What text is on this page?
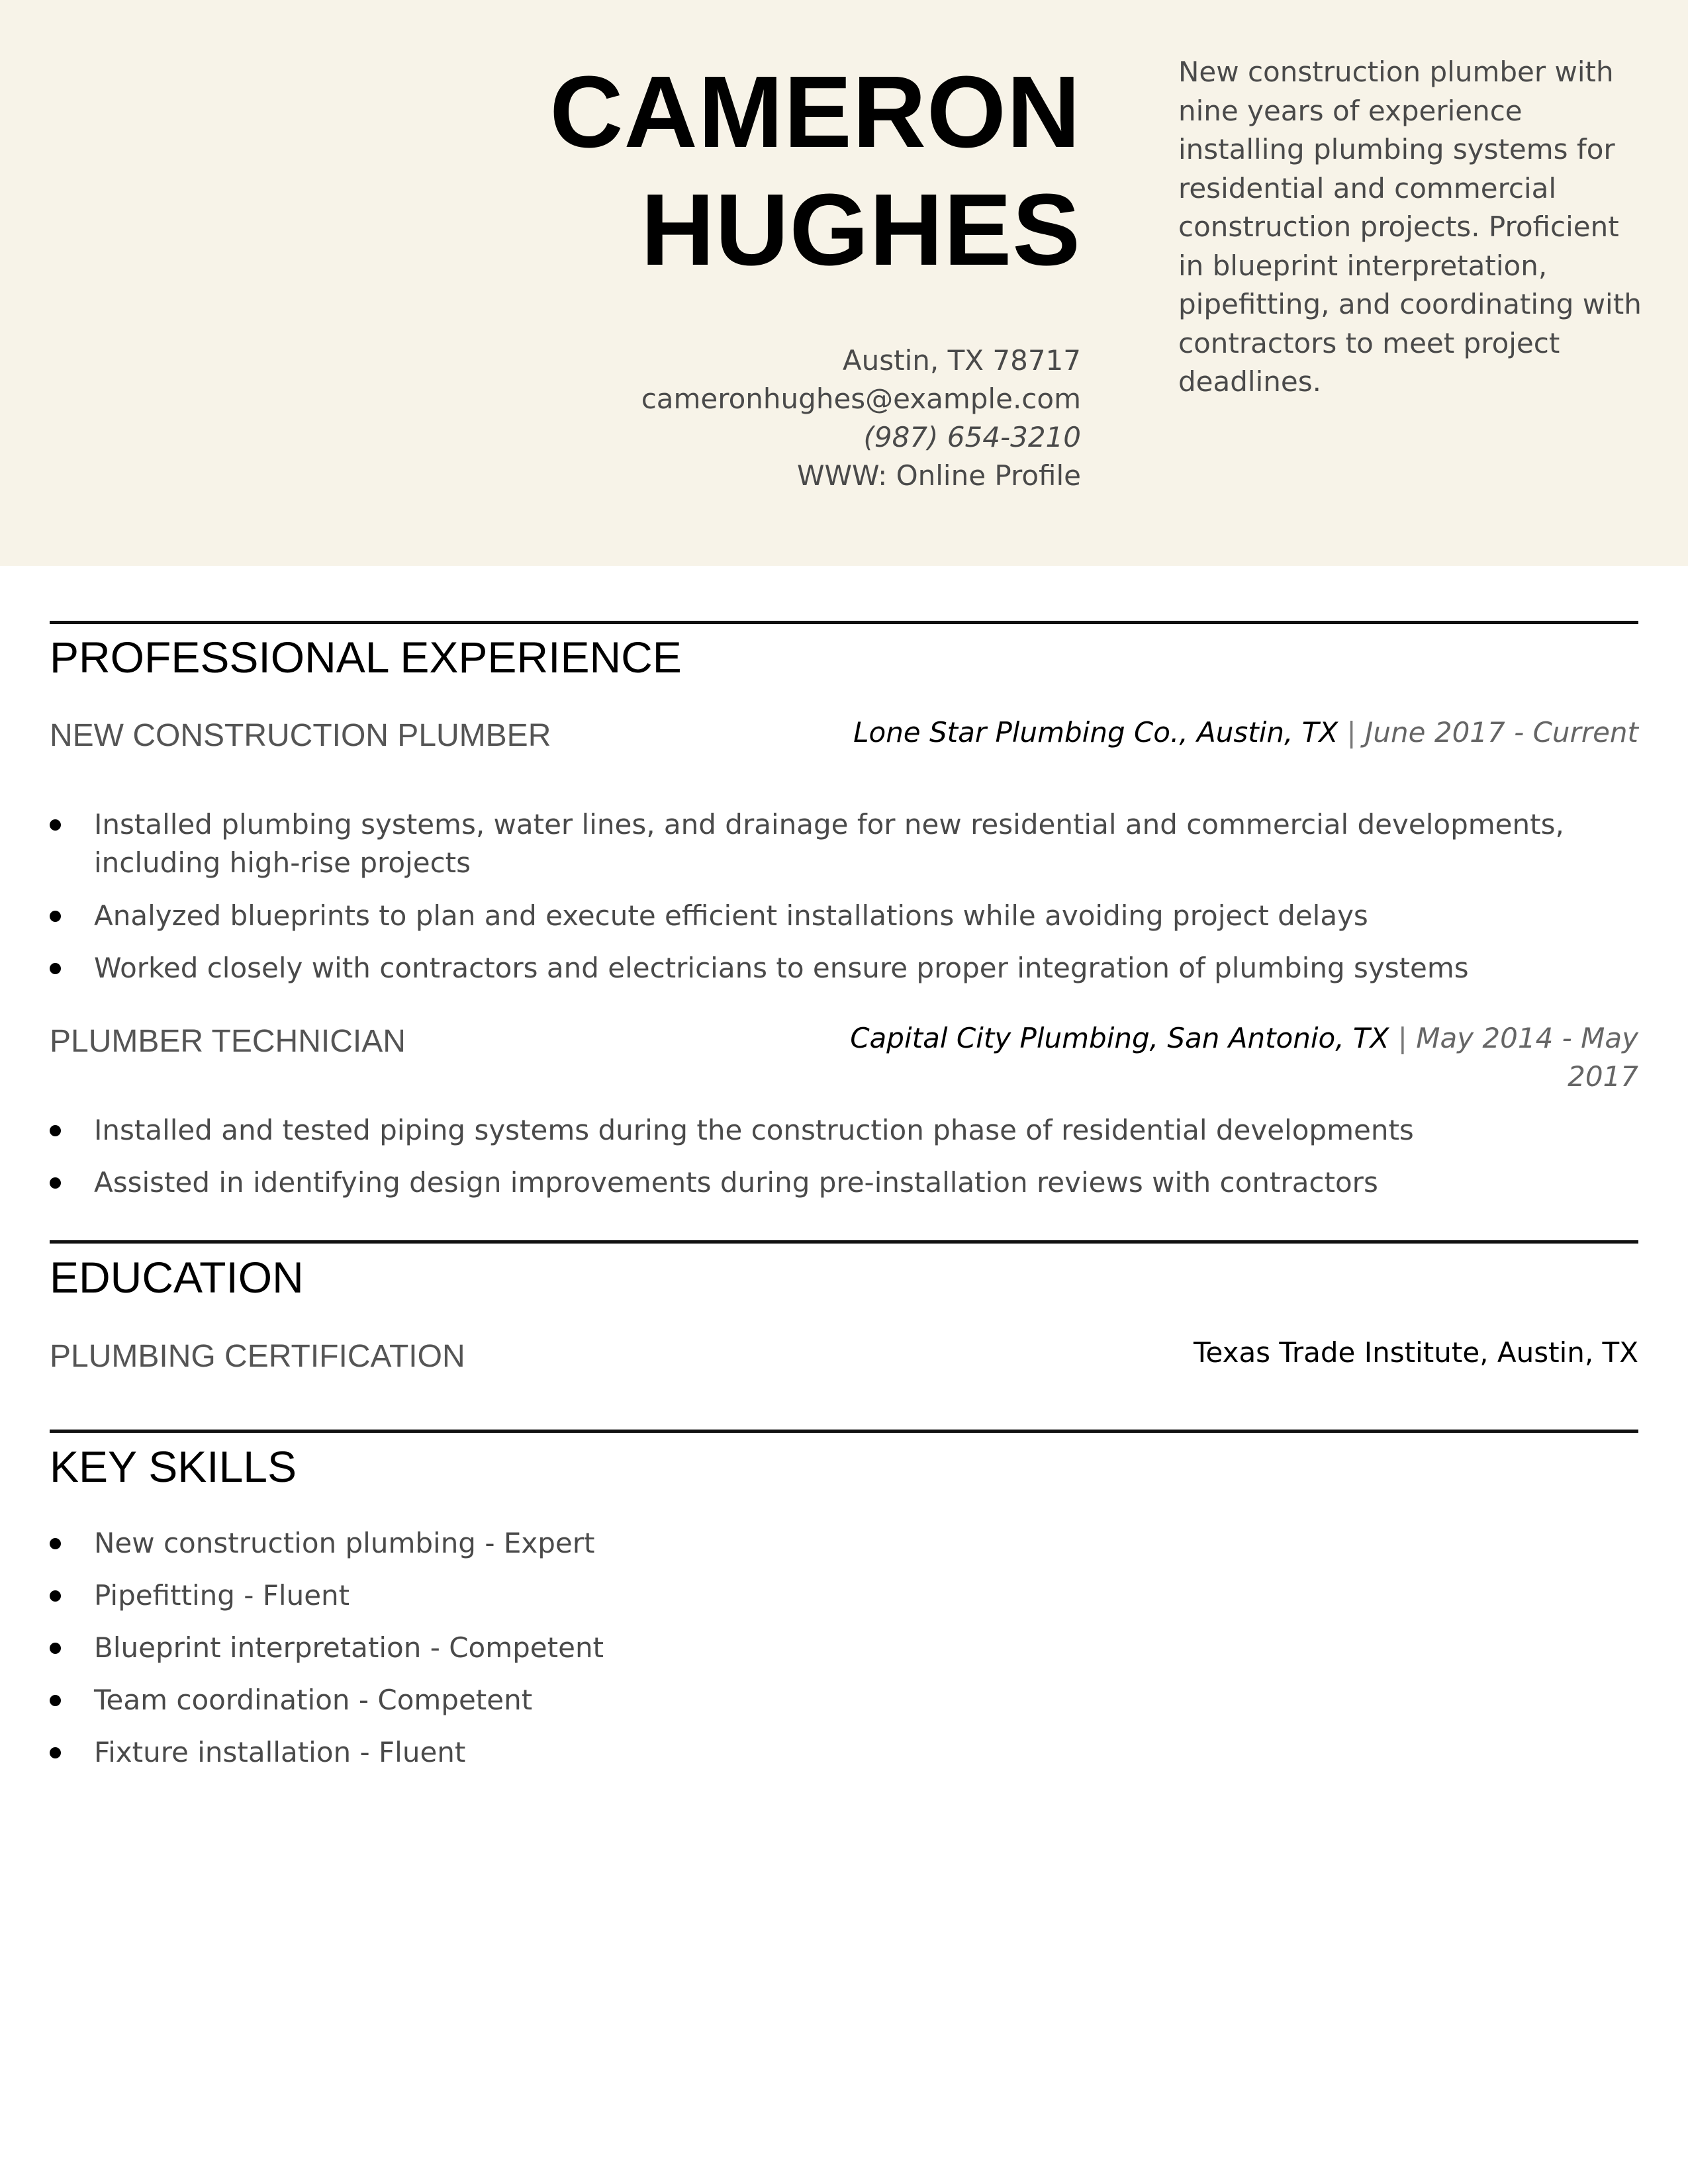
CAMERON
HUGHES
Austin, TX 78717
cameronhughes@example.com
(987) 654-3210
WWW: Online Profile
New construction plumber with nine years of experience installing plumbing systems for residential and commercial construction projects. Proficient in blueprint interpretation, pipefitting, and coordinating with contractors to meet project deadlines.
PROFESSIONAL EXPERIENCE
NEW CONSTRUCTION PLUMBER	Lone Star Plumbing Co., Austin, TX | June 2017 - Current
Installed plumbing systems, water lines, and drainage for new residential and commercial developments, including high-rise projects
Analyzed blueprints to plan and execute efficient installations while avoiding project delays
Worked closely with contractors and electricians to ensure proper integration of plumbing systems
PLUMBER TECHNICIAN	Capital City Plumbing, San Antonio, TX | May 2014 - May 2017
Installed and tested piping systems during the construction phase of residential developments
Assisted in identifying design improvements during pre-installation reviews with contractors
EDUCATION
PLUMBING CERTIFICATION	Texas Trade Institute, Austin, TX
KEY SKILLS
New construction plumbing - Expert
Pipefitting - Fluent
Blueprint interpretation - Competent
Team coordination - Competent
Fixture installation - Fluent
